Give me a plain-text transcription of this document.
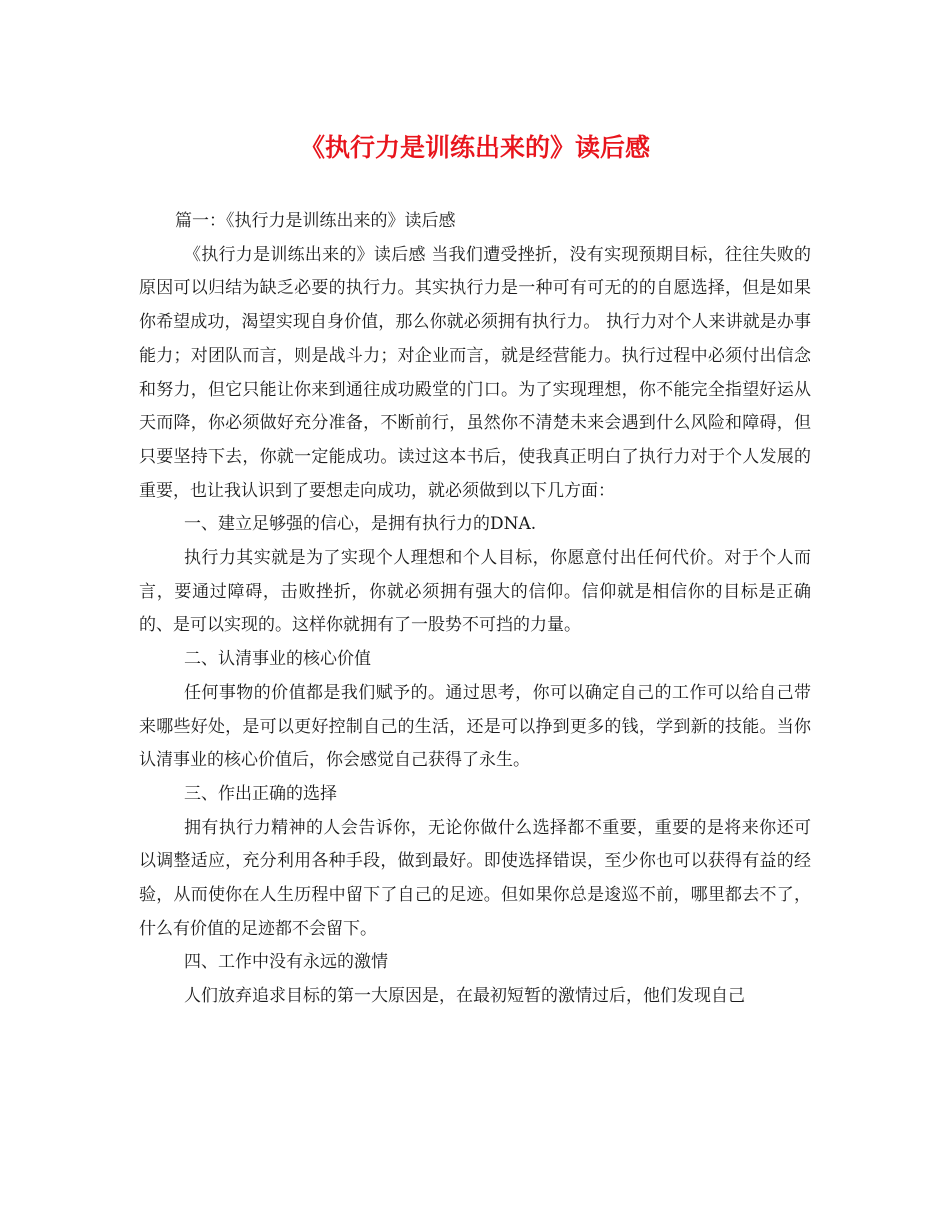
《执行力是训练出来的》读后感

篇一：《执行力是训练出来的》读后感

《执行力是训练出来的》读后感 当我们遭受挫折，没有实现预期目标，往往失败的原因可以归结为缺乏必要的执行力。其实执行力是一种可有可无的的自愿选择，但是如果你希望成功，渴望实现自身价值，那么你就必须拥有执行力。 执行力对个人来讲就是办事能力；对团队而言，则是战斗力；对企业而言，就是经营能力。执行过程中必须付出信念和努力，但它只能让你来到通往成功殿堂的门口。为了实现理想，你不能完全指望好运从天而降，你必须做好充分准备，不断前行，虽然你不清楚未来会遇到什么风险和障碍，但只要坚持下去，你就一定能成功。读过这本书后，使我真正明白了执行力对于个人发展的重要，也让我认识到了要想走向成功，就必须做到以下几方面：

一、建立足够强的信心，是拥有执行力的DNA.

执行力其实就是为了实现个人理想和个人目标，你愿意付出任何代价。对于个人而言，要通过障碍，击败挫折，你就必须拥有强大的信仰。信仰就是相信你的目标是正确的、是可以实现的。这样你就拥有了一股势不可挡的力量。

二、认清事业的核心价值

任何事物的价值都是我们赋予的。通过思考，你可以确定自己的工作可以给自己带来哪些好处，是可以更好控制自己的生活，还是可以挣到更多的钱，学到新的技能。当你认清事业的核心价值后，你会感觉自己获得了永生。

三、作出正确的选择

拥有执行力精神的人会告诉你，无论你做什么选择都不重要，重要的是将来你还可以调整适应，充分利用各种手段，做到最好。即使选择错误，至少你也可以获得有益的经验，从而使你在人生历程中留下了自己的足迹。但如果你总是逡巡不前，哪里都去不了，什么有价值的足迹都不会留下。

四、工作中没有永远的激情

人们放弃追求目标的第一大原因是，在最初短暂的激情过后，他们发现自己
